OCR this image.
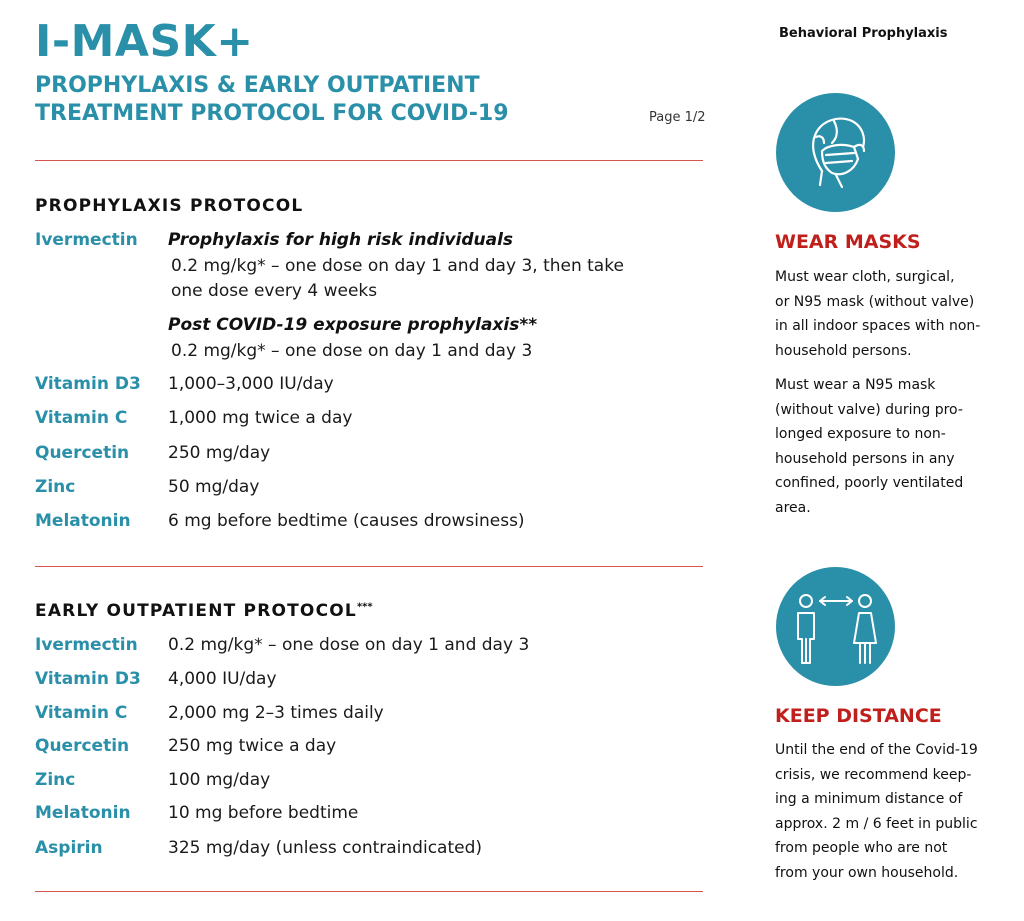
I-MASK+
PROPHYLAXIS & EARLY OUTPATIENT
TREATMENT PROTOCOL FOR COVID-19	Page 1/2
PROPHYLAXIS PROTOCOL
Ivermectin Prophylaxis for high risk individuals
0.2 mg/kg* – one dose on day 1 and day 3, then take
one dose every 4 weeks
Post COVID-19 exposure prophylaxis**
0.2 mg/kg* – one dose on day 1 and day 3
Vitamin D3 1,000–3,000 IU/day
Vitamin C 1,000 mg twice a day
Quercetin 250 mg/day
Zinc	50 mg/day
Melatonin 6 mg before bedtime (causes drowsiness)
EARLY OUTPATIENT PROTOCOL***
Ivermectin 0.2 mg/kg* – one dose on day 1 and day 3
Vitamin D3 4,000 IU/day
Vitamin C 2,000 mg 2–3 times daily
Quercetin 250 mg twice a day
Zinc	100 mg/day
Melatonin 10 mg before bedtime
Aspirin	325 mg/day (unless contraindicated)
Behavioral Prophylaxis
WEAR MASKS
Must wear cloth, surgical,
or N95 mask (without valve)
in all indoor spaces with non-
household persons.
Must wear a N95 mask
(without valve) during pro-
longed exposure to non-
household persons in any
confined, poorly ventilated
area.
KEEP DISTANCE
Until the end of the Covid-19
crisis, we recommend keep-
ing a minimum distance of
approx. 2 m / 6 feet in public
from people who are not
from your own household.
